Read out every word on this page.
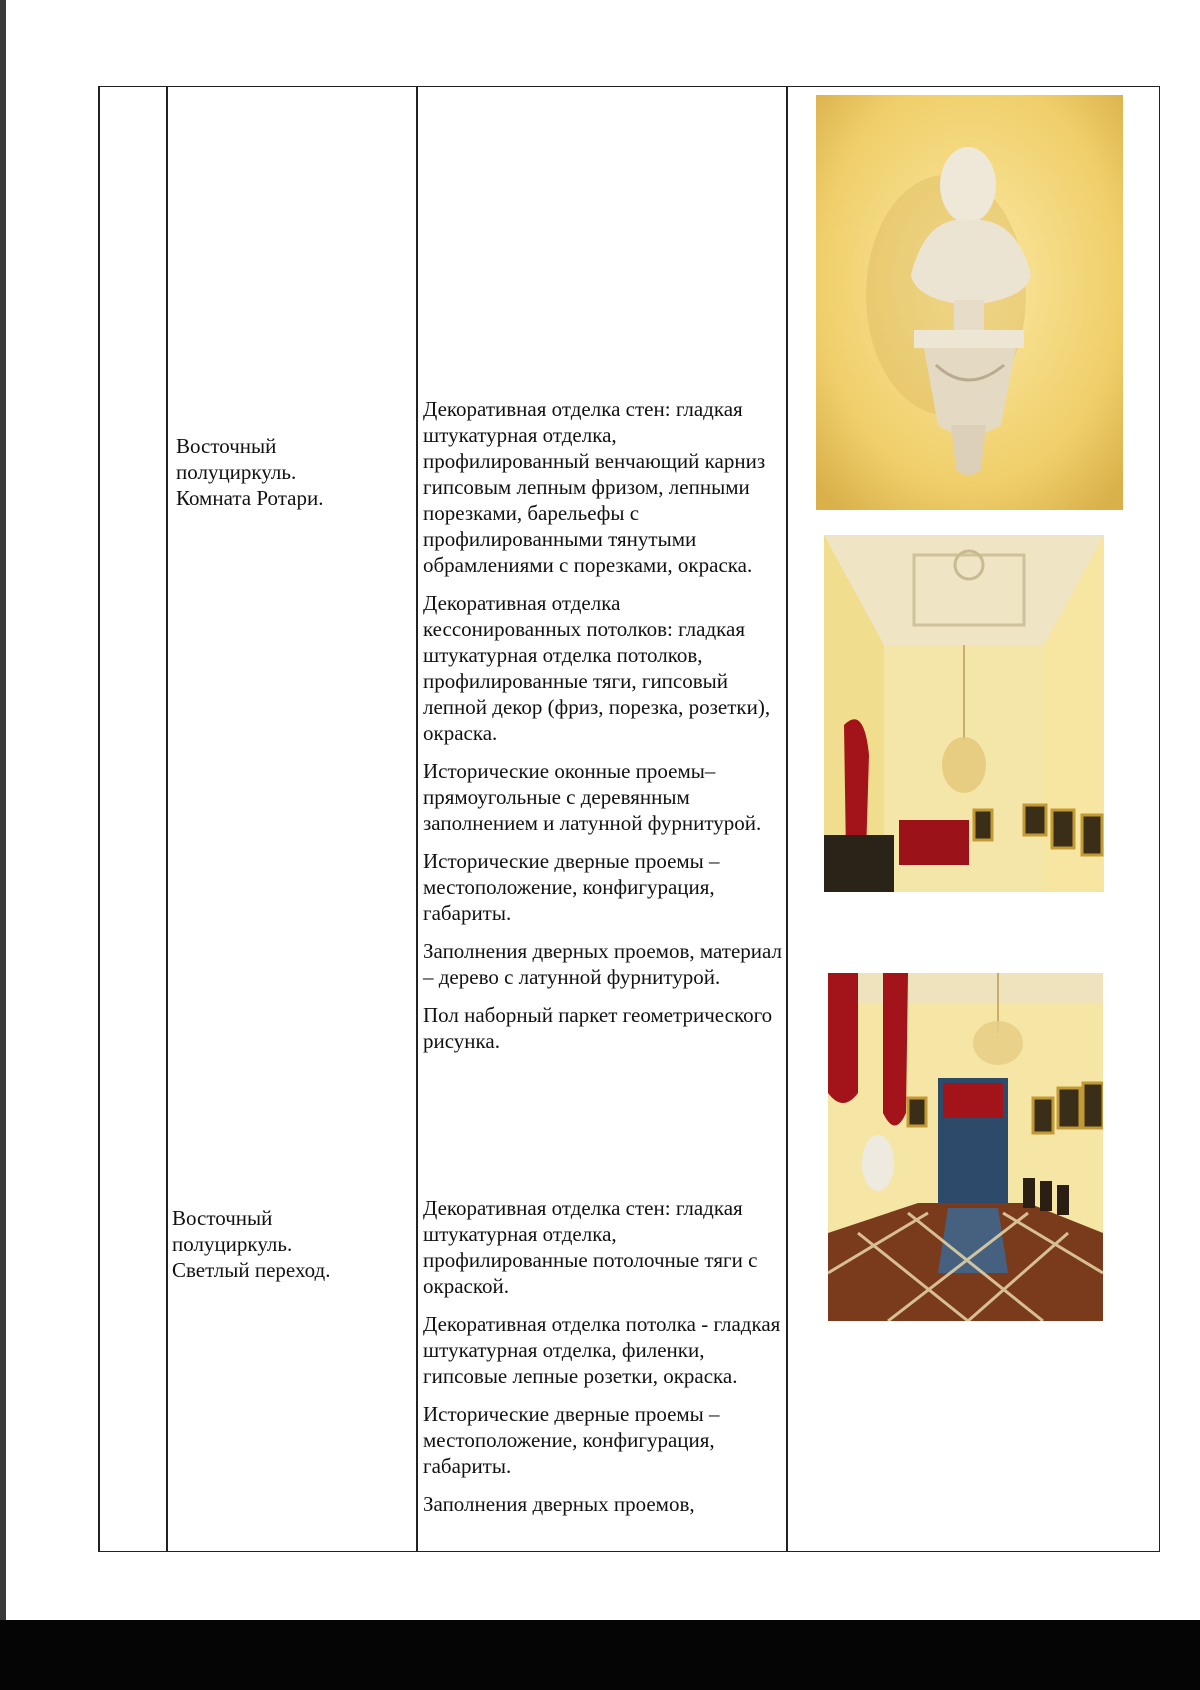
Восточный
полуциркуль.
Комната Ротари.

Декоративная отделка стен: гладкая штукатурная отделка, профилированный венчающий карниз гипсовым лепным фризом, лепными порезками, барельефы с профилированными тянутыми обрамлениями с порезками, окраска.

Декоративная отделка кессонированных потолков: гладкая штукатурная отделка потолков, профилированные тяги, гипсовый лепной декор (фриз, порезка, розетки), окраска.

Исторические оконные проемы– прямоугольные с деревянным заполнением и латунной фурнитурой.

Исторические дверные проемы – местоположение, конфигурация, габариты.

Заполнения дверных проемов, материал – дерево с латунной фурнитурой.

Пол наборный паркет геометрического рисунка.

Восточный
полуциркуль.
Светлый переход.

Декоративная отделка стен: гладкая штукатурная отделка, профилированные потолочные тяги с окраской.

Декоративная отделка потолка - гладкая штукатурная отделка, филенки, гипсовые лепные розетки, окраска.

Исторические дверные проемы – местоположение, конфигурация, габариты.

Заполнения дверных проемов,
